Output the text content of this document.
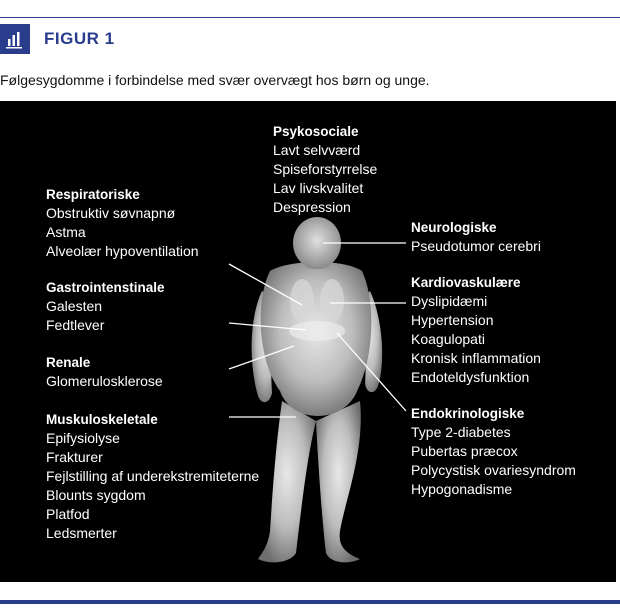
FIGUR 1
Følgesygdomme i forbindelse med svær overvægt hos børn og unge.
Psykosociale
Lavt selvværd
Spiseforstyrrelse
Lav livskvalitet
Despression
Respiratoriske
Obstruktiv søvnapnø
Astma
Alveolær hypoventilation
Gastrointenstinale
Galesten
Fedtlever
Renale
Glomerulosklerose
Muskuloskeletale
Epifysiolyse
Frakturer
Fejlstilling af underekstremiteterne
Blounts sygdom
Platfod
Ledsmerter
Neurologiske
Pseudotumor cerebri
Kardiovaskulære
Dyslipidæmi
Hypertension
Koagulopati
Kronisk inflammation
Endoteldysfunktion
Endokrinologiske
Type 2-diabetes
Pubertas præcox
Polycystisk ovariesyndrom
Hypogonadisme
